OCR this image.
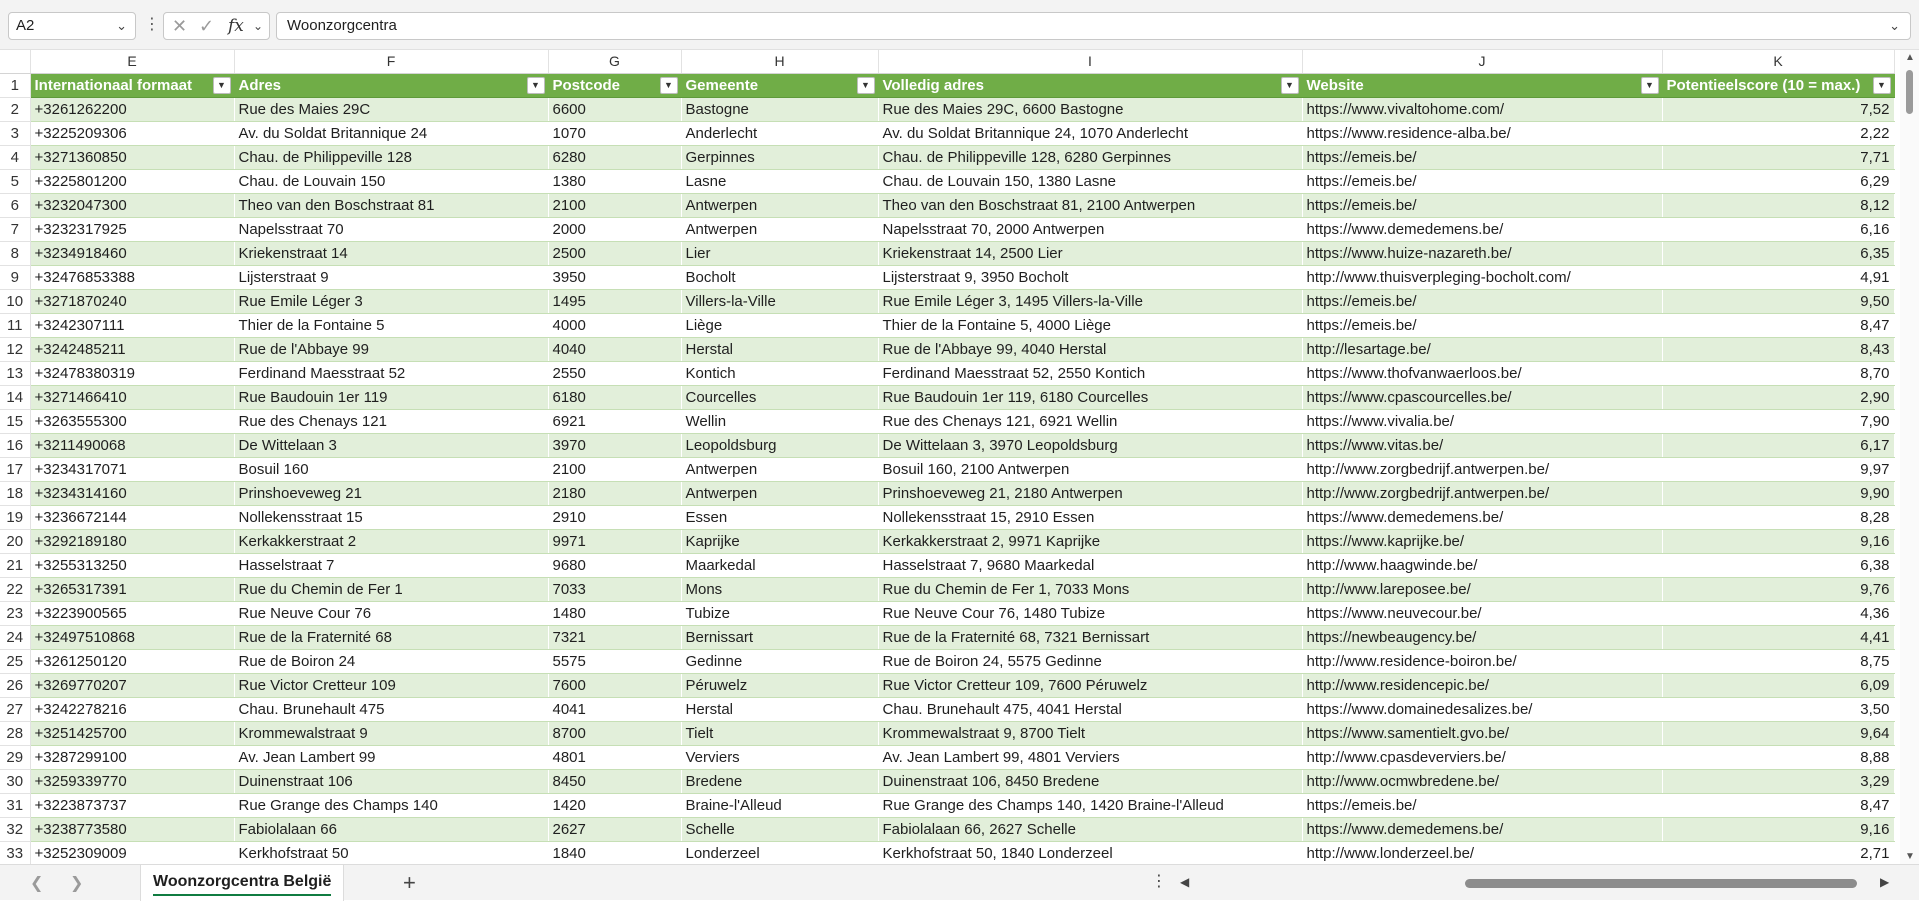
A2	⌄ ⋮ ✕ ✓ fx ⌄	Woonzorgcentra	⌄
	E	F	G	H	I	J	K
1	Internationaal formaat ▼	Adres ▼	Postcode ▼	Gemeente ▼	Volledig adres ▼	Website ▼	Potentieelscore (10 = max.) ▼

2	+3261262200	Rue des Maies 29C	6600	Bastogne	Rue des Maies 29C, 6600 Bastogne	https://www.vivaltohome.com/	7,52
3	+3225209306	Av. du Soldat Britannique 24	1070	Anderlecht	Av. du Soldat Britannique 24, 1070 Anderlecht	https://www.residence-alba.be/	2,22
4	+3271360850	Chau. de Philippeville 128	6280	Gerpinnes	Chau. de Philippeville 128, 6280 Gerpinnes	https://emeis.be/	7,71
5	+3225801200	Chau. de Louvain 150	1380	Lasne	Chau. de Louvain 150, 1380 Lasne	https://emeis.be/	6,29
6	+3232047300	Theo van den Boschstraat 81	2100	Antwerpen	Theo van den Boschstraat 81, 2100 Antwerpen	https://emeis.be/	8,12
7	+3232317925	Napelsstraat 70	2000	Antwerpen	Napelsstraat 70, 2000 Antwerpen	https://www.demedemens.be/	6,16
8	+3234918460	Kriekenstraat 14	2500	Lier	Kriekenstraat 14, 2500 Lier	https://www.huize-nazareth.be/	6,35
9	+32476853388	Lijsterstraat 9	3950	Bocholt	Lijsterstraat 9, 3950 Bocholt	http://www.thuisverpleging-bocholt.com/	4,91
10	+3271870240	Rue Emile Léger 3	1495	Villers-la-Ville	Rue Emile Léger 3, 1495 Villers-la-Ville	https://emeis.be/	9,50
11	+3242307111	Thier de la Fontaine 5	4000	Liège	Thier de la Fontaine 5, 4000 Liège	https://emeis.be/	8,47
12	+3242485211	Rue de l'Abbaye 99	4040	Herstal	Rue de l'Abbaye 99, 4040 Herstal	http://lesartage.be/	8,43
13	+32478380319	Ferdinand Maesstraat 52	2550	Kontich	Ferdinand Maesstraat 52, 2550 Kontich	https://www.thofvanwaerloos.be/	8,70
14	+3271466410	Rue Baudouin 1er 119	6180	Courcelles	Rue Baudouin 1er 119, 6180 Courcelles	https://www.cpascourcelles.be/	2,90
15	+3263555300	Rue des Chenays 121	6921	Wellin	Rue des Chenays 121, 6921 Wellin	https://www.vivalia.be/	7,90
16	+3211490068	De Wittelaan 3	3970	Leopoldsburg	De Wittelaan 3, 3970 Leopoldsburg	https://www.vitas.be/	6,17
17	+3234317071	Bosuil 160	2100	Antwerpen	Bosuil 160, 2100 Antwerpen	http://www.zorgbedrijf.antwerpen.be/	9,97
18	+3234314160	Prinshoeveweg 21	2180	Antwerpen	Prinshoeveweg 21, 2180 Antwerpen	http://www.zorgbedrijf.antwerpen.be/	9,90
19	+3236672144	Nollekensstraat 15	2910	Essen	Nollekensstraat 15, 2910 Essen	https://www.demedemens.be/	8,28
20	+3292189180	Kerkakkerstraat 2	9971	Kaprijke	Kerkakkerstraat 2, 9971 Kaprijke	https://www.kaprijke.be/	9,16
21	+3255313250	Hasselstraat 7	9680	Maarkedal	Hasselstraat 7, 9680 Maarkedal	http://www.haagwinde.be/	6,38
22	+3265317391	Rue du Chemin de Fer 1	7033	Mons	Rue du Chemin de Fer 1, 7033 Mons	http://www.lareposee.be/	9,76
23	+3223900565	Rue Neuve Cour 76	1480	Tubize	Rue Neuve Cour 76, 1480 Tubize	https://www.neuvecour.be/	4,36
24	+32497510868	Rue de la Fraternité 68	7321	Bernissart	Rue de la Fraternité 68, 7321 Bernissart	https://newbeaugency.be/	4,41
25	+3261250120	Rue de Boiron 24	5575	Gedinne	Rue de Boiron 24, 5575 Gedinne	http://www.residence-boiron.be/	8,75
26	+3269770207	Rue Victor Cretteur 109	7600	Péruwelz	Rue Victor Cretteur 109, 7600 Péruwelz	http://www.residencepic.be/	6,09
27	+3242278216	Chau. Brunehault 475	4041	Herstal	Chau. Brunehault 475, 4041 Herstal	https://www.domainedesalizes.be/	3,50
28	+3251425700	Krommewalstraat 9	8700	Tielt	Krommewalstraat 9, 8700 Tielt	https://www.samentielt.gvo.be/	9,64
29	+3287299100	Av. Jean Lambert 99	4801	Verviers	Av. Jean Lambert 99, 4801 Verviers	http://www.cpasdeverviers.be/	8,88
30	+3259339770	Duinenstraat 106	8450	Bredene	Duinenstraat 106, 8450 Bredene	http://www.ocmwbredene.be/	3,29
31	+3223873737	Rue Grange des Champs 140	1420	Braine-l'Alleud	Rue Grange des Champs 140, 1420 Braine-l'Alleud	https://emeis.be/	8,47
32	+3238773580	Fabiolalaan 66	2627	Schelle	Fabiolalaan 66, 2627 Schelle	https://www.demedemens.be/	9,16
33	+3252309009	Kerkhofstraat 50	1840	Londerzeel	Kerkhofstraat 50, 1840 Londerzeel	http://www.londerzeel.be/	2,71
▲
▼
❮ ❯	Woonzorgcentra België	+	⋮ ◀	▶
